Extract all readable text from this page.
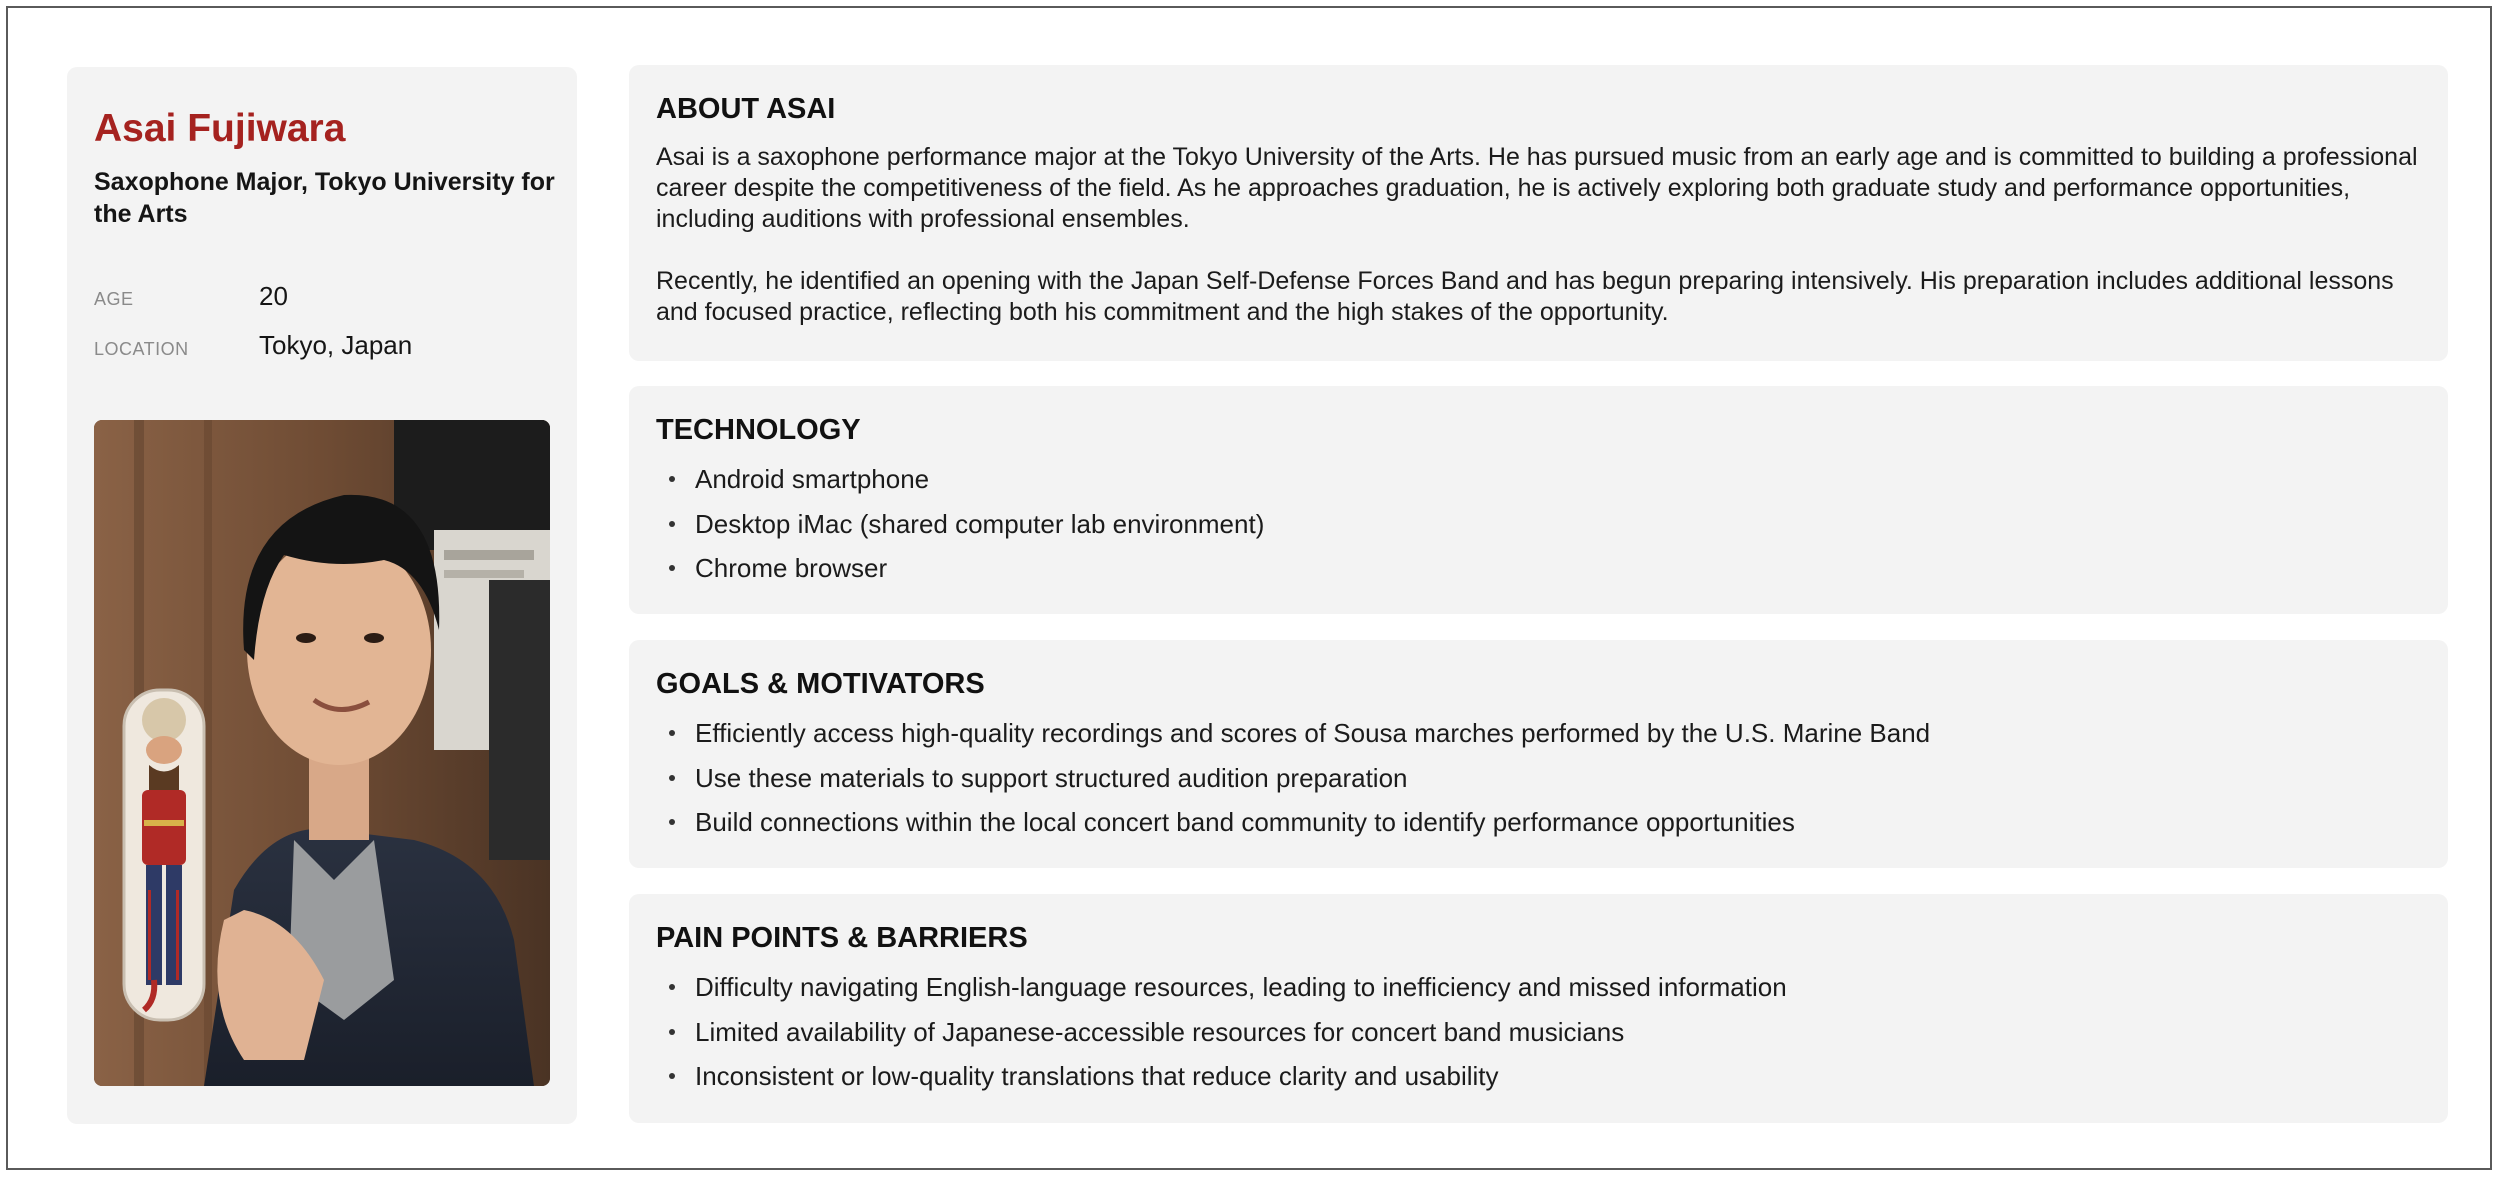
Asai Fujiwara

Saxophone Major, Tokyo University for the Arts

AGE	20
LOCATION	Tokyo, Japan
ABOUT ASAI

Asai is a saxophone performance major at the Tokyo University of the Arts. He has pursued music from an early age and is committed to building a professional career despite the competitiveness of the field. As he approaches graduation, he is actively exploring both graduate study and performance opportunities, including auditions with professional ensembles.

Recently, he identified an opening with the Japan Self-Defense Forces Band and has begun preparing intensively. His preparation includes additional lessons and focused practice, reflecting both his commitment and the high stakes of the opportunity.

TECHNOLOGY
Android smartphone
Desktop iMac (shared computer lab environment)
Chrome browser
GOALS & MOTIVATORS
Efficiently access high-quality recordings and scores of Sousa marches performed by the U.S. Marine Band
Use these materials to support structured audition preparation
Build connections within the local concert band community to identify performance opportunities
PAIN POINTS & BARRIERS
Difficulty navigating English-language resources, leading to inefficiency and missed information
Limited availability of Japanese-accessible resources for concert band musicians
Inconsistent or low-quality translations that reduce clarity and usability
